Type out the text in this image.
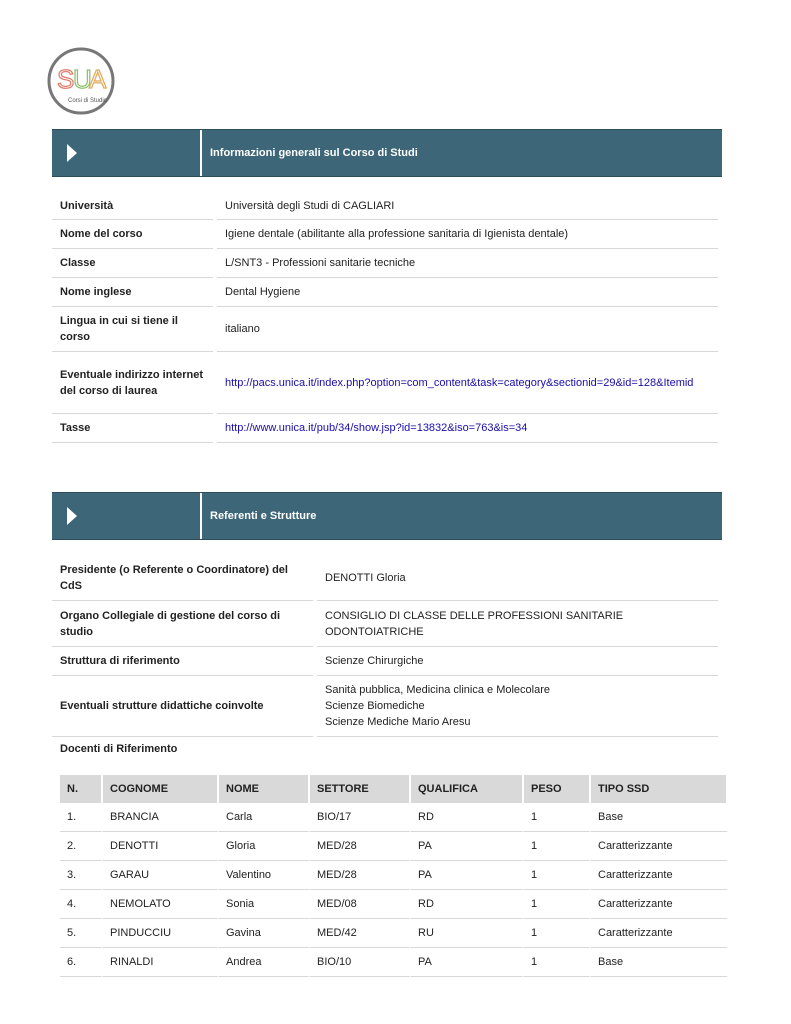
S
U
A
Corsi di Studio
Informazioni generali sul Corso di Studi
Università		Università degli Studi di CAGLIARI
Nome del corso		Igiene dentale (abilitante alla professione sanitaria di Igienista dentale)
Classe		L/SNT3 - Professioni sanitarie tecniche
Nome inglese		Dental Hygiene
Lingua in cui si tiene il corso		italiano
Eventuale indirizzo internet del corso di laurea		http://pacs.unica.it/index.php?option=com_content&task=category&sectionid=29&id=128&Itemid
Tasse		http://www.unica.it/pub/34/show.jsp?id=13832&iso=763&is=34
Referenti e Strutture
Presidente (o Referente o Coordinatore) del CdS		DENOTTI Gloria
Organo Collegiale di gestione del corso di studio		CONSIGLIO DI CLASSE DELLE PROFESSIONI SANITARIE ODONTOIATRICHE
Struttura di riferimento		Scienze Chirurgiche
Eventuali strutture didattiche coinvolte		Sanità pubblica, Medicina clinica e Molecolare
Scienze Biomediche
Scienze Mediche Mario Aresu
Docenti di Riferimento
N.	COGNOME	NOME	SETTORE	QUALIFICA	PESO	TIPO SSD
1.	BRANCIA	Carla	BIO/17	RD	1	Base
2.	DENOTTI	Gloria	MED/28	PA	1	Caratterizzante
3.	GARAU	Valentino	MED/28	PA	1	Caratterizzante
4.	NEMOLATO	Sonia	MED/08	RD	1	Caratterizzante
5.	PINDUCCIU	Gavina	MED/42	RU	1	Caratterizzante
6.	RINALDI	Andrea	BIO/10	PA	1	Base
